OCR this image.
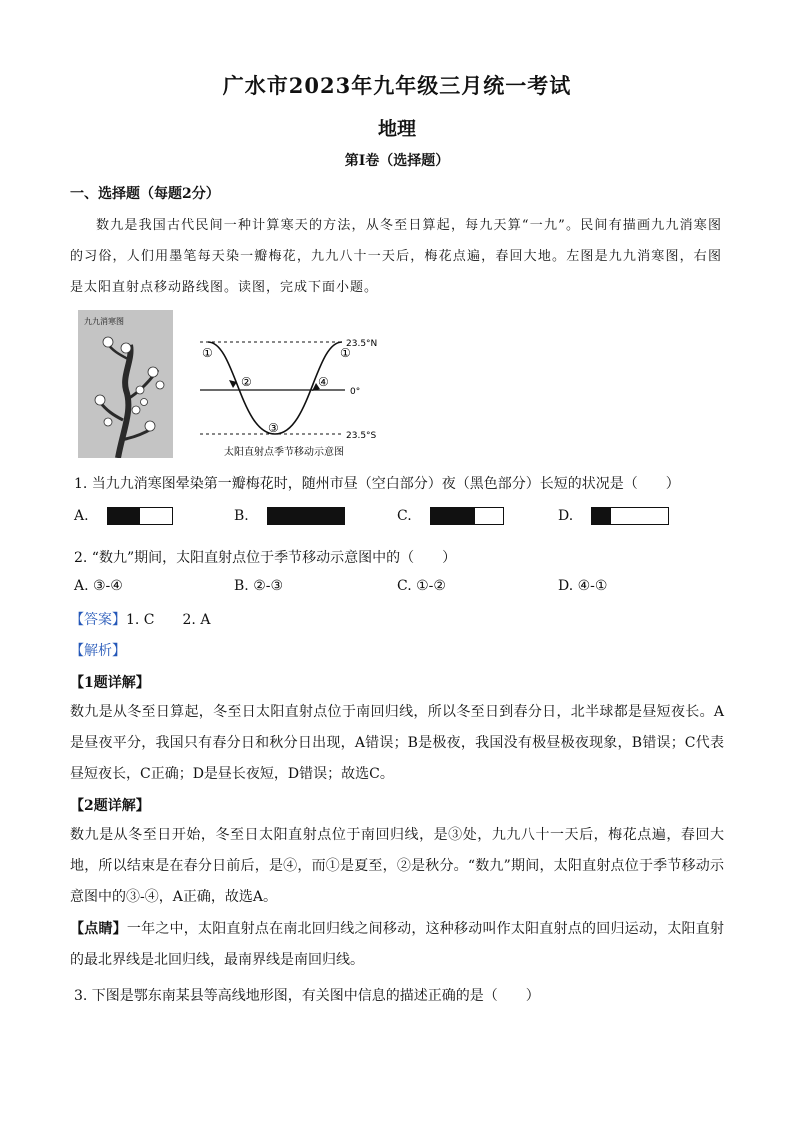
广水市2023年九年级三月统一考试
地理
第Ⅰ卷（选择题）
一、选择题（每题2分）
数九是我国古代民间一种计算寒天的方法，从冬至日算起，每九天算“一九”。民间有描画九九消寒图的习俗，人们用墨笔每天染一瓣梅花，九九八十一天后，梅花点遍，春回大地。左图是九九消寒图，右图是太阳直射点移动路线图。读图，完成下面小题。
九九消寒图
23.5°N
0°
23.5°S
①
②
③
④
①
太阳直射点季节移动示意图
1. 当九九消寒图晕染第一瓣梅花时，随州市昼（空白部分）夜（黑色部分）长短的状况是（　　）
A.	B.	C.	D.
2. “数九”期间，太阳直射点位于季节移动示意图中的（　　）
A. ③-④	B. ②-③	C. ①-②	D. ④-①
【答案】1. C　　2. A
【解析】
【1题详解】
数九是从冬至日算起，冬至日太阳直射点位于南回归线，所以冬至日到春分日，北半球都是昼短夜长。A是昼夜平分，我国只有春分日和秋分日出现，A错误；B是极夜，我国没有极昼极夜现象，B错误；C代表昼短夜长，C正确；D是昼长夜短，D错误；故选C。
【2题详解】
数九是从冬至日开始，冬至日太阳直射点位于南回归线，是③处，九九八十一天后，梅花点遍，春回大地，所以结束是在春分日前后，是④，而①是夏至，②是秋分。“数九”期间，太阳直射点位于季节移动示意图中的③-④，A正确，故选A。
【点睛】一年之中，太阳直射点在南北回归线之间移动，这种移动叫作太阳直射点的回归运动，太阳直射的最北界线是北回归线，最南界线是南回归线。
3. 下图是鄂东南某县等高线地形图，有关图中信息的描述正确的是（　　）
